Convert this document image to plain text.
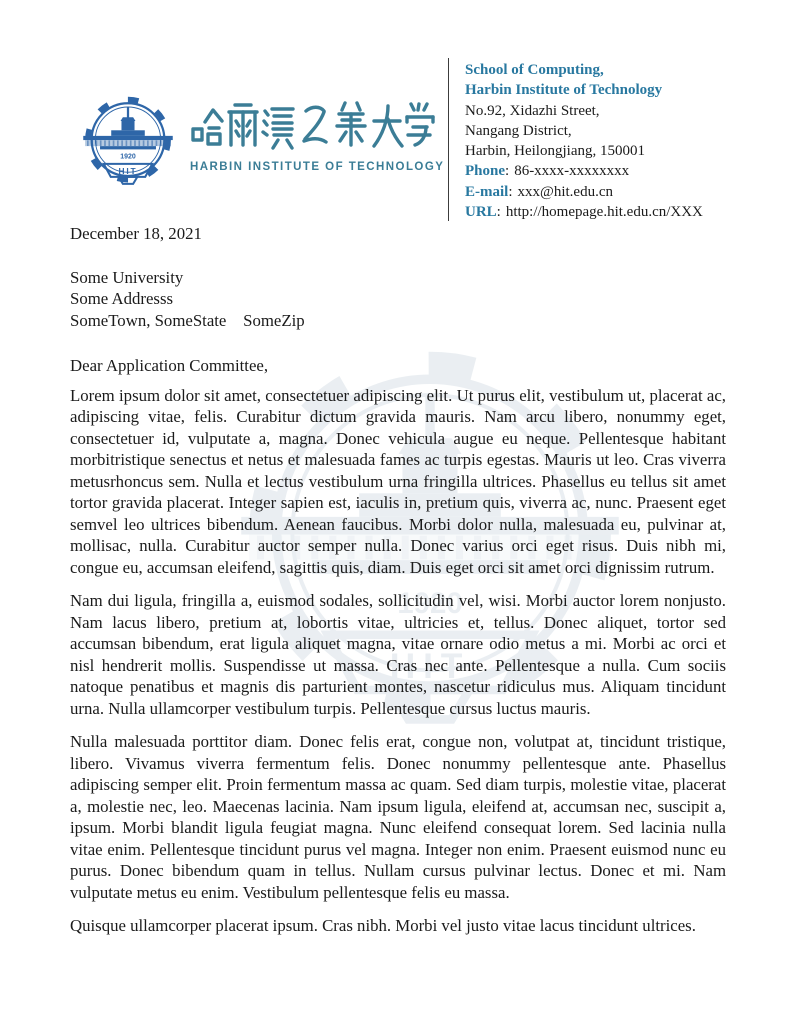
HARBIN INSTITUTE OF TECHNOLOGY
School of Computing,
Harbin Institute of Technology
No.92, Xidazhi Street,
Nangang District,
Harbin, Heilongjiang, 150001
Phone: 86-xxxx-xxxxxxxx
E-mail: xxx@hit.edu.cn
URL: http://homepage.hit.edu.cn/XXX
December 18, 2021
Some University
Some Addresss
SomeTown, SomeState    SomeZip
Dear Application Committee,

Lorem ipsum dolor sit amet, consectetuer adipiscing elit. Ut purus elit, vestibulum ut, placerat ac, adipiscing vitae, felis. Curabitur dictum gravida mauris. Nam arcu libero, nonummy eget, consectetuer id, vulputate a, magna. Donec vehicula augue eu neque. Pellentesque habitant morbitristique senectus et netus et malesuada fames ac turpis egestas. Mauris ut leo. Cras viverra metusrhoncus sem. Nulla et lectus vestibulum urna fringilla ultrices. Phasellus eu tellus sit amet tortor gravida placerat. Integer sapien est, iaculis in, pretium quis, viverra ac, nunc. Praesent eget semvel leo ultrices bibendum. Aenean faucibus. Morbi dolor nulla, malesuada eu, pulvinar at, mollisac, nulla. Curabitur auctor semper nulla. Donec varius orci eget risus. Duis nibh mi, congue eu, accumsan eleifend, sagittis quis, diam. Duis eget orci sit amet orci dignissim rutrum.

Nam dui ligula, fringilla a, euismod sodales, sollicitudin vel, wisi. Morbi auctor lorem nonjusto. Nam lacus libero, pretium at, lobortis vitae, ultricies et, tellus. Donec aliquet, tortor sed accumsan bibendum, erat ligula aliquet magna, vitae ornare odio metus a mi. Morbi ac orci et nisl hendrerit mollis. Suspendisse ut massa. Cras nec ante. Pellentesque a nulla. Cum sociis natoque penatibus et magnis dis parturient montes, nascetur ridiculus mus. Aliquam tincidunt urna. Nulla ullamcorper vestibulum turpis. Pellentesque cursus luctus mauris.

Nulla malesuada porttitor diam. Donec felis erat, congue non, volutpat at, tincidunt tristique, libero. Vivamus viverra fermentum felis. Donec nonummy pellentesque ante. Phasellus adipiscing semper elit. Proin fermentum massa ac quam. Sed diam turpis, molestie vitae, placerat a, molestie nec, leo. Maecenas lacinia. Nam ipsum ligula, eleifend at, accumsan nec, suscipit a, ipsum. Morbi blandit ligula feugiat magna. Nunc eleifend consequat lorem. Sed lacinia nulla vitae enim. Pellentesque tincidunt purus vel magna. Integer non enim. Praesent euismod nunc eu purus. Donec bibendum quam in tellus. Nullam cursus pulvinar lectus. Donec et mi. Nam vulputate metus eu enim. Vestibulum pellentesque felis eu massa.

Quisque ullamcorper placerat ipsum. Cras nibh. Morbi vel justo vitae lacus tincidunt ultrices.
